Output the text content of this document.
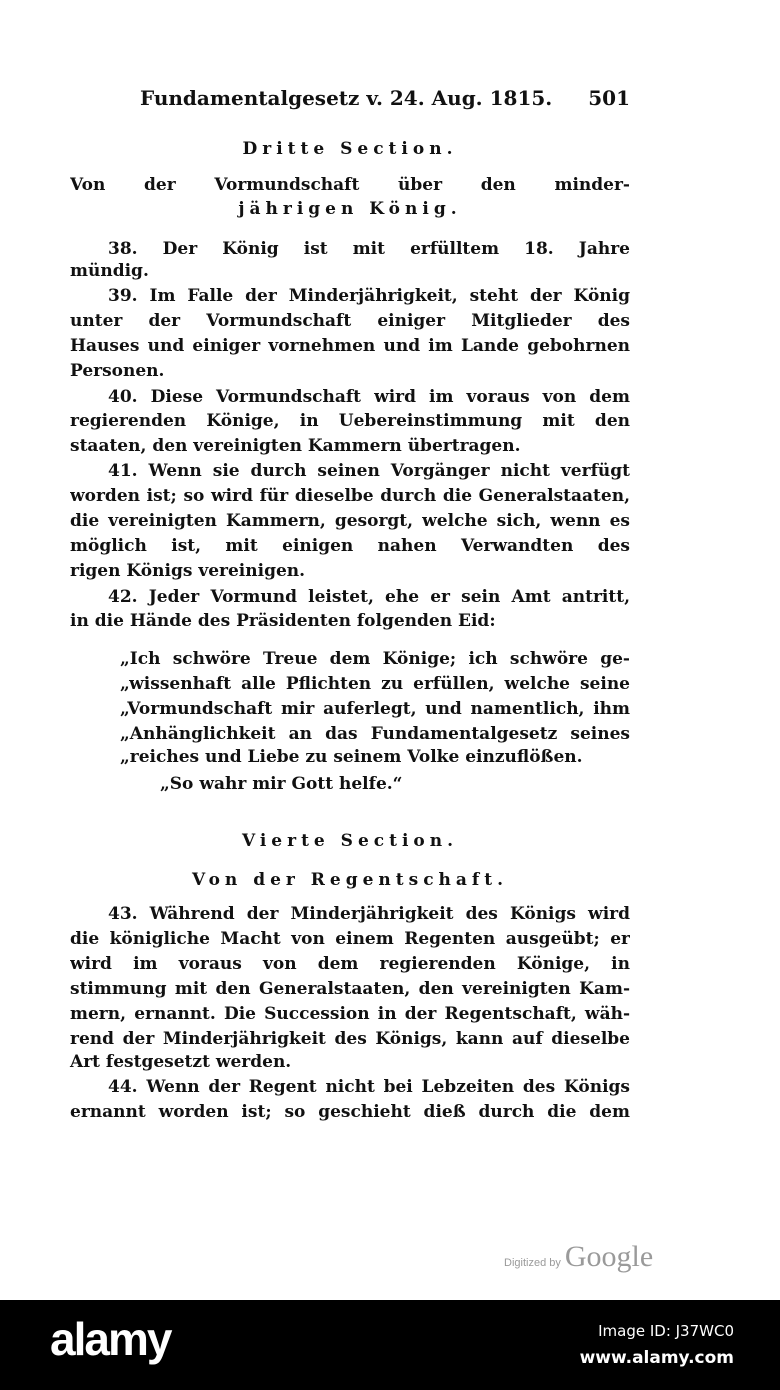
Fundamentalgesetz v. 24. Aug. 1815. 501
Dritte Section.
Von der Vormundschaft über den minder-
jährigen König.
38. Der König ist mit erfülltem 18. Jahre
mündig.
39. Im Falle der Minderjährigkeit, steht der König
unter der Vormundschaft einiger Mitglieder des
Hauses und einiger vornehmen und im Lande gebohrnen
Personen.
40. Diese Vormundschaft wird im voraus von dem
regierenden Könige, in Uebereinstimmung mit den
staaten, den vereinigten Kammern übertragen.
41. Wenn sie durch seinen Vorgänger nicht verfügt
worden ist; so wird für dieselbe durch die Generalstaaten,
die vereinigten Kammern, gesorgt, welche sich, wenn es
möglich ist, mit einigen nahen Verwandten des
rigen Königs vereinigen.
42. Jeder Vormund leistet, ehe er sein Amt antritt,
in die Hände des Präsidenten folgenden Eid:
„Ich schwöre Treue dem Könige; ich schwöre ge-
„wissenhaft alle Pflichten zu erfüllen, welche seine
„Vormundschaft mir auferlegt, und namentlich, ihm
„Anhänglichkeit an das Fundamentalgesetz seines
„reiches und Liebe zu seinem Volke einzuflößen.
„So wahr mir Gott helfe.“
Vierte Section.
Von der Regentschaft.
43. Während der Minderjährigkeit des Königs wird
die königliche Macht von einem Regenten ausgeübt; er
wird im voraus von dem regierenden Könige, in
stimmung mit den Generalstaaten, den vereinigten Kam-
mern, ernannt. Die Succession in der Regentschaft, wäh-
rend der Minderjährigkeit des Königs, kann auf dieselbe
Art festgesetzt werden.
44. Wenn der Regent nicht bei Lebzeiten des Königs
ernannt worden ist; so geschieht dieß durch die dem
Digitized by Google
alamy	Image ID: J37WC0
www.alamy.com
